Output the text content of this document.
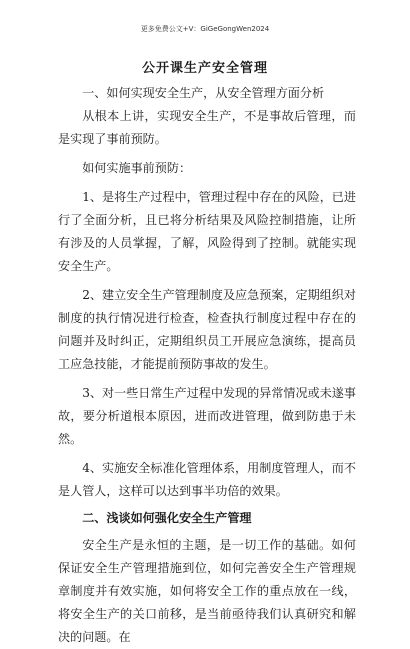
更多免费公文+V：GiGeGongWen2024
公开课生产安全管理

一、如何实现安全生产，从安全管理方面分析

从根本上讲，实现安全生产，不是事故后管理，而是实现了事前预防。

如何实施事前预防：

1、是将生产过程中，管理过程中存在的风险，已进行了全面分析，且已将分析结果及风险控制措施，让所有涉及的人员掌握，了解，风险得到了控制。就能实现安全生产。

2、建立安全生产管理制度及应急预案，定期组织对制度的执行情况进行检查，检查执行制度过程中存在的问题并及时纠正，定期组织员工开展应急演练，提高员工应急技能，才能提前预防事故的发生。

3、对一些日常生产过程中发现的异常情况或未遂事故，要分析道根本原因，进而改进管理，做到防患于未然。

4、实施安全标准化管理体系，用制度管理人，而不是人管人，这样可以达到事半功倍的效果。

二、浅谈如何强化安全生产管理

安全生产是永恒的主题，是一切工作的基础。如何保证安全生产管理措施到位，如何完善安全生产管理规章制度并有效实施，如何将安全工作的重点放在一线，将安全生产的关口前移，是当前亟待我们认真研究和解决的问题。在
